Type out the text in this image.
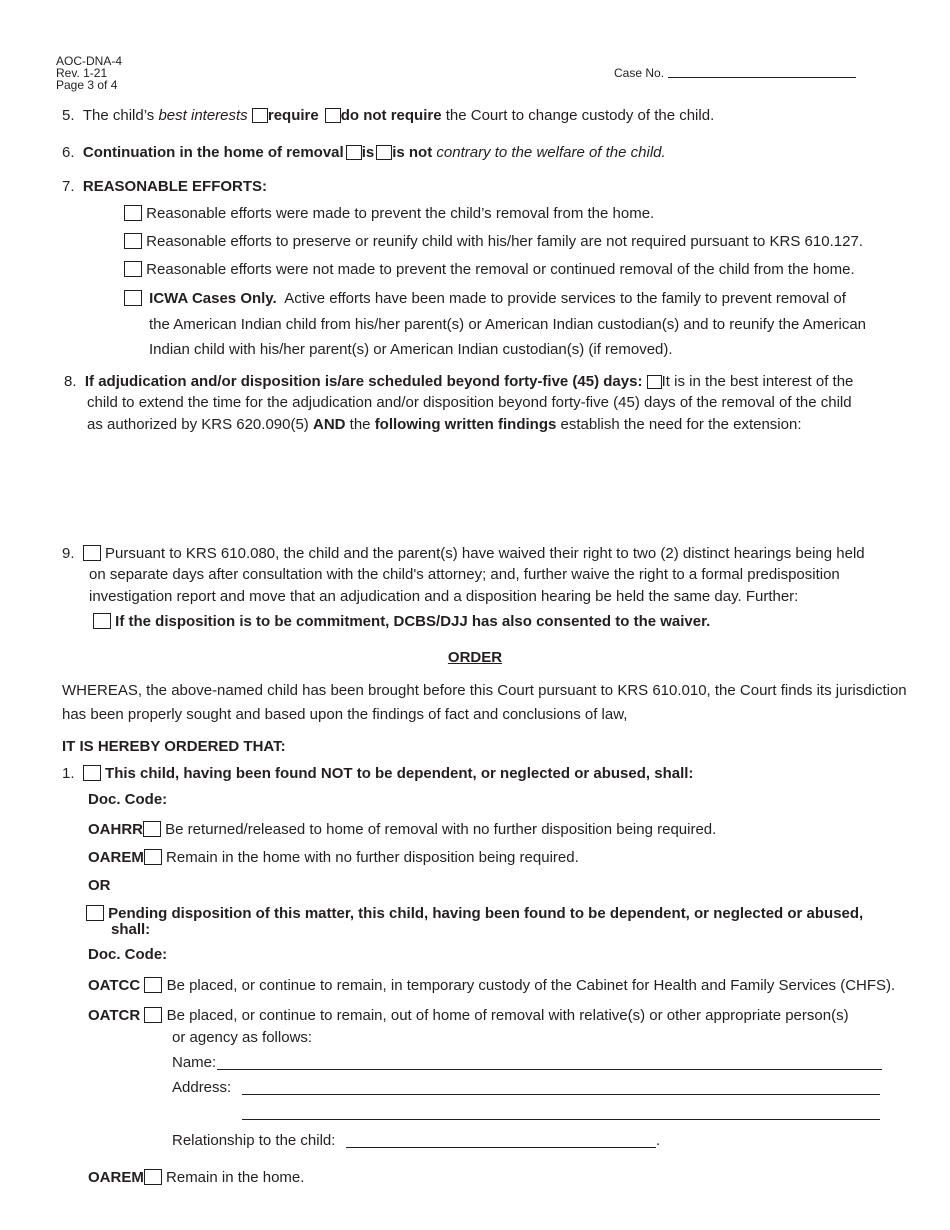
AOC-DNA-4
Rev. 1-21
Page 3 of 4
Case No.
5. The child’s best interests require do not require the Court to change custody of the child.
6. Continuation in the home of removal is is not contrary to the welfare of the child.
7. REASONABLE EFFORTS:
Reasonable efforts were made to prevent the child’s removal from the home.
Reasonable efforts to preserve or reunify child with his/her family are not required pursuant to KRS 610.127.
Reasonable efforts were not made to prevent the removal or continued removal of the child from the home.
ICWA Cases Only. Active efforts have been made to provide services to the family to prevent removal of
the American Indian child from his/her parent(s) or American Indian custodian(s) and to reunify the American
Indian child with his/her parent(s) or American Indian custodian(s) (if removed).
8. If adjudication and/or disposition is/are scheduled beyond forty-five (45) days: It is in the best interest of the
child to extend the time for the adjudication and/or disposition beyond forty-five (45) days of the removal of the child
as authorized by KRS 620.090(5) AND the following written findings establish the need for the extension:
9. Pursuant to KRS 610.080, the child and the parent(s) have waived their right to two (2) distinct hearings being held
on separate days after consultation with the child's attorney; and, further waive the right to a formal predisposition
investigation report and move that an adjudication and a disposition hearing be held the same day. Further:
If the disposition is to be commitment, DCBS/DJJ has also consented to the waiver.
ORDER
WHEREAS, the above-named child has been brought before this Court pursuant to KRS 610.010, the Court finds its jurisdiction
has been properly sought and based upon the findings of fact and conclusions of law,
IT IS HEREBY ORDERED THAT:
1. This child, having been found NOT to be dependent, or neglected or abused, shall:
Doc. Code:
OAHRR Be returned/released to home of removal with no further disposition being required.
OAREM Remain in the home with no further disposition being required.
OR
Pending disposition of this matter, this child, having been found to be dependent, or neglected or abused,
shall:
Doc. Code:
OATCC Be placed, or continue to remain, in temporary custody of the Cabinet for Health and Family Services (CHFS).
OATCR Be placed, or continue to remain, out of home of removal with relative(s) or other appropriate person(s)
or agency as follows:
Name:
Address:
Relationship to the child:	.
OAREM Remain in the home.
